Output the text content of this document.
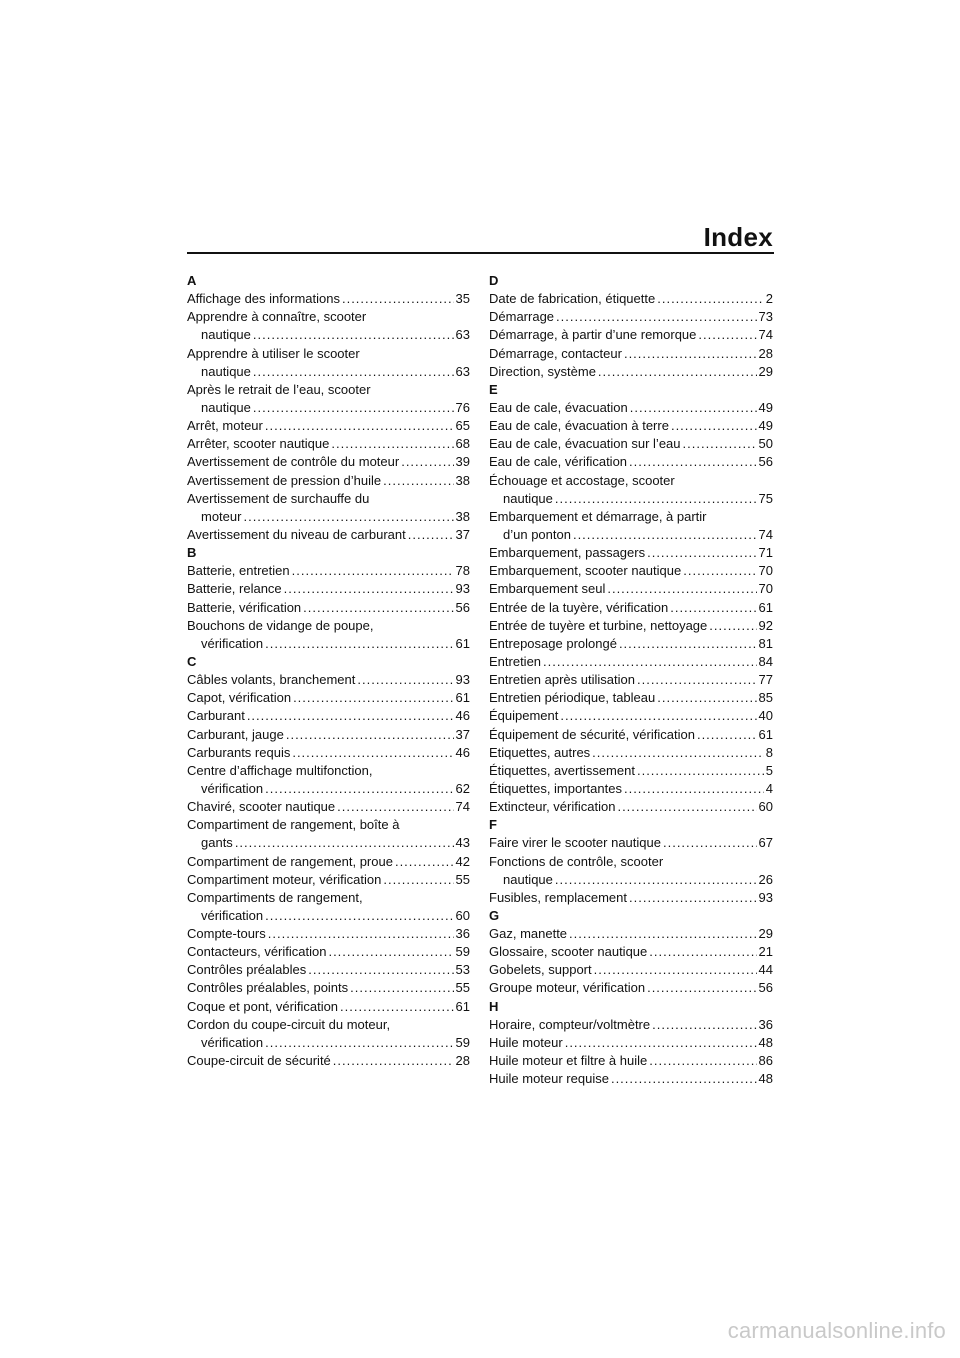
Index
A
Affichage des informations .....	35
Apprendre à connaître, scooter
nautique .....	63
Apprendre à utiliser le scooter
nautique .....	63
Après le retrait de l’eau, scooter
nautique .....	76
Arrêt, moteur .....	65
Arrêter, scooter nautique .....	68
Avertissement de contrôle du moteur .....	39
Avertissement de pression d’huile .....	38
Avertissement de surchauffe du
moteur .....	38
Avertissement du niveau de carburant .....	37
B
Batterie, entretien .....	78
Batterie, relance .....	93
Batterie, vérification .....	56
Bouchons de vidange de poupe,
vérification .....	61
C
Câbles volants, branchement .....	93
Capot, vérification .....	61
Carburant .....	46
Carburant, jauge .....	37
Carburants requis .....	46
Centre d’affichage multifonction,
vérification .....	62
Chaviré, scooter nautique .....	74
Compartiment de rangement, boîte à
gants .....	43
Compartiment de rangement, proue .....	42
Compartiment moteur, vérification .....	55
Compartiments de rangement,
vérification .....	60
Compte-tours .....	36
Contacteurs, vérification .....	59
Contrôles préalables .....	53
Contrôles préalables, points .....	55
Coque et pont, vérification .....	61
Cordon du coupe-circuit du moteur,
vérification .....	59
Coupe-circuit de sécurité .....	28
D
Date de fabrication, étiquette .....	2
Démarrage .....	73
Démarrage, à partir d’une remorque .....	74
Démarrage, contacteur .....	28
Direction, système .....	29
E
Eau de cale, évacuation .....	49
Eau de cale, évacuation à terre .....	49
Eau de cale, évacuation sur l’eau .....	50
Eau de cale, vérification .....	56
Échouage et accostage, scooter
nautique .....	75
Embarquement et démarrage, à partir
d’un ponton .....	74
Embarquement, passagers .....	71
Embarquement, scooter nautique .....	70
Embarquement seul .....	70
Entrée de la tuyère, vérification .....	61
Entrée de tuyère et turbine, nettoyage .....	92
Entreposage prolongé .....	81
Entretien .....	84
Entretien après utilisation .....	77
Entretien périodique, tableau .....	85
Équipement .....	40
Équipement de sécurité, vérification .....	61
Etiquettes, autres .....	8
Étiquettes, avertissement .....	5
Étiquettes, importantes .....	4
Extincteur, vérification .....	60
F
Faire virer le scooter nautique .....	67
Fonctions de contrôle, scooter
nautique .....	26
Fusibles, remplacement .....	93
G
Gaz, manette .....	29
Glossaire, scooter nautique .....	21
Gobelets, support .....	44
Groupe moteur, vérification .....	56
H
Horaire, compteur/voltmètre .....	36
Huile moteur .....	48
Huile moteur et filtre à huile .....	86
Huile moteur requise .....	48
carmanualsonline.info
